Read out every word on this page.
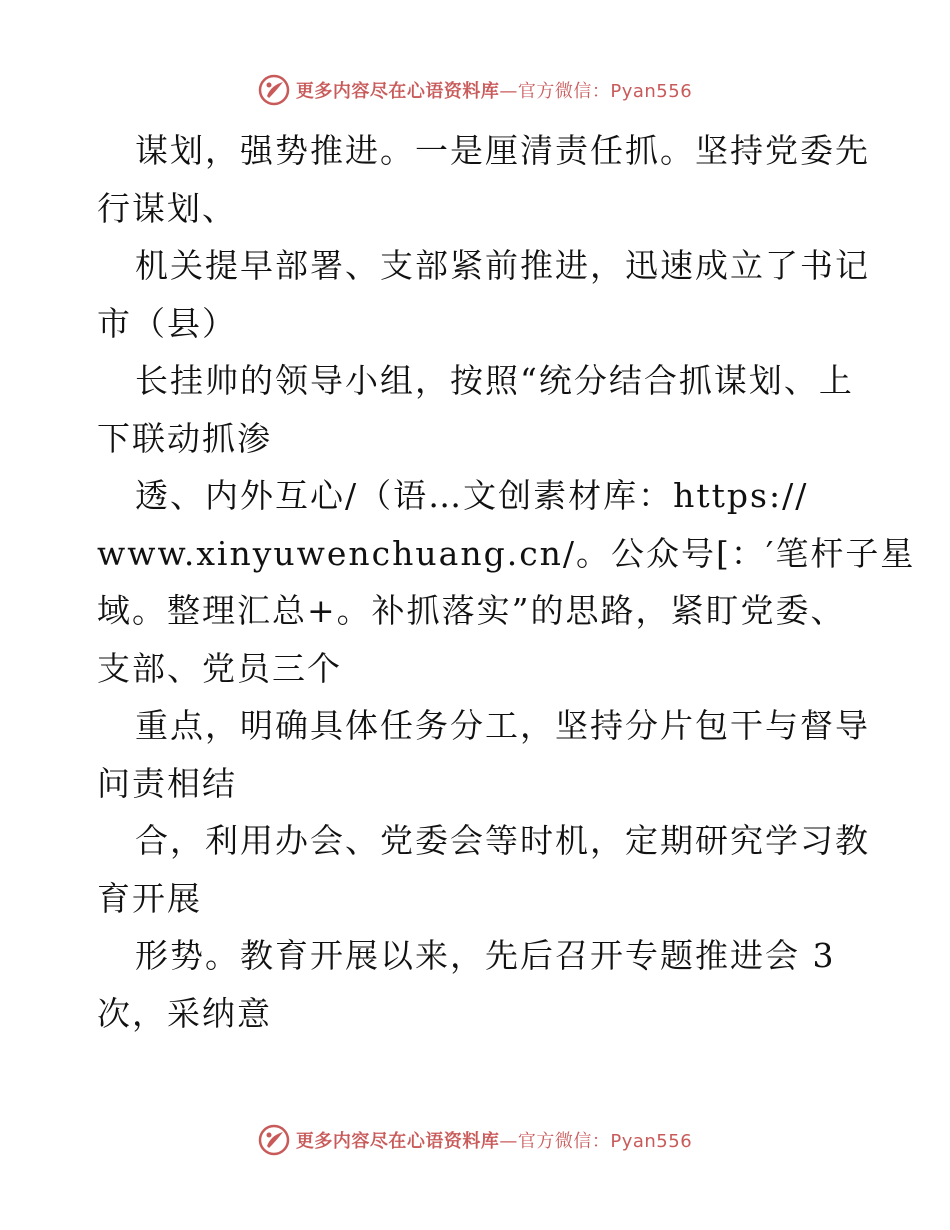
更多内容尽在心语资料库—官方微信：Pyan556
谋划，强势推进。一是厘清责任抓。坚持党委先
行谋划、
机关提早部署、支部紧前推进，迅速成立了书记
市（县）
长挂帅的领导小组，按照“统分结合抓谋划、上
下联动抓渗
透、内外互心/（语…文创素材库：https://
www.xinyuwenchuang.cn/。公众号[：′笔杆子星
域。整理汇总+。补抓落实”的思路，紧盯党委、
支部、党员三个
重点，明确具体任务分工，坚持分片包干与督导
问责相结
合，利用办会、党委会等时机，定期研究学习教
育开展
形势。教育开展以来，先后召开专题推进会 3
次，采纳意
更多内容尽在心语资料库—官方微信：Pyan556
